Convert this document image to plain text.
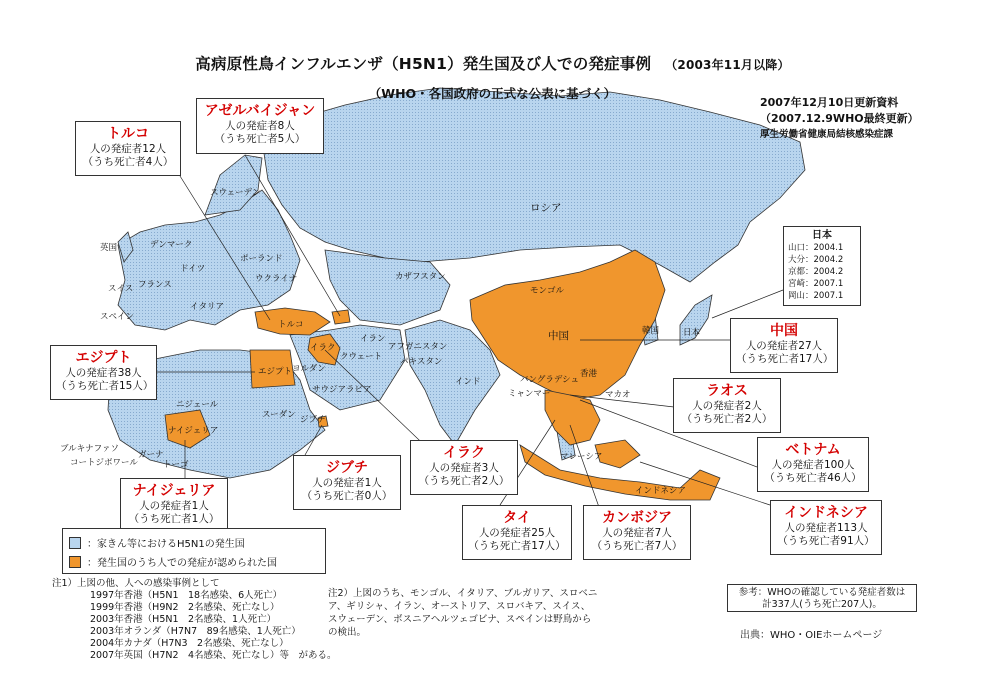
高病原性鳥インフルエンザ（H5N1）発生国及び人での発症事例 （2003年11月以降）
（WHO・各国政府の正式な公表に基づく）
2007年12月10日更新資料
（2007.12.9WHO最終更新）
厚生労働省健康局結核感染症課
ロシア
カザフスタン
モンゴル
中国	韓国	日本
インド
パキスタン
アフガニスタン
イラン
イラク
クウェート
ヨルダン
サウジアラビア
トルコ
エジプト
スーダン ジブチ
ニジェール
ナイジェリア
ブルキナファソ
コートジボワール
ガーナ
トーゴ
英国	デンマーク
スウェーデン
ドイツ
ポーランド
フランス
ウクライナ
スイス
スペイン
イタリア
バングラデシュ
ミャンマー
香港
マカオ
マレーシア
インドネシア
トルコ
人の発症者12人
（うち死亡者4人）
アゼルバイジャン
人の発症者8人
（うち死亡者5人）
エジプト
人の発症者38人
（うち死亡者15人）
ナイジェリア
人の発症者1人
（うち死亡者1人）
ジブチ
人の発症者1人
（うち死亡者0人）
イラク
人の発症者3人
（うち死亡者2人）
タイ
人の発症者25人
（うち死亡者17人）
カンボジア
人の発症者7人
（うち死亡者7人）
インドネシア
人の発症者113人
（うち死亡者91人）
ベトナム
人の発症者100人
（うち死亡者46人）
ラオス
人の発症者2人
（うち死亡者2人）
中国
人の発症者27人
（うち死亡者17人）
日本
山口：2004.1
大分：2004.2
京都：2004.2
宮崎：2007.1
岡山：2007.1
：家きん等におけるH5N1の発生国
：発生国のうち人での発症が認められた国
注1）上図の他、人への感染事例として
1997年香港（H5N1　18名感染、6人死亡）
1999年香港（H9N2　2名感染、死亡なし）
2003年香港（H5N1　2名感染、1人死亡）
2003年オランダ（H7N7　89名感染、1人死亡）
2004年カナダ（H7N3　2名感染、死亡なし）
2007年英国（H7N2　4名感染、死亡なし）等　がある。
注2）上図のうち、モンゴル、イタリア、ブルガリア、スロベニア、ギリシャ、イラン、オーストリア、スロバキア、スイス、スウェーデン、ボスニアヘルツェゴビナ、スペインは野鳥からの検出。
参考：WHOの確認している発症者数は
計337人(うち死亡207人)。
出典：WHO・OIEホームページ
